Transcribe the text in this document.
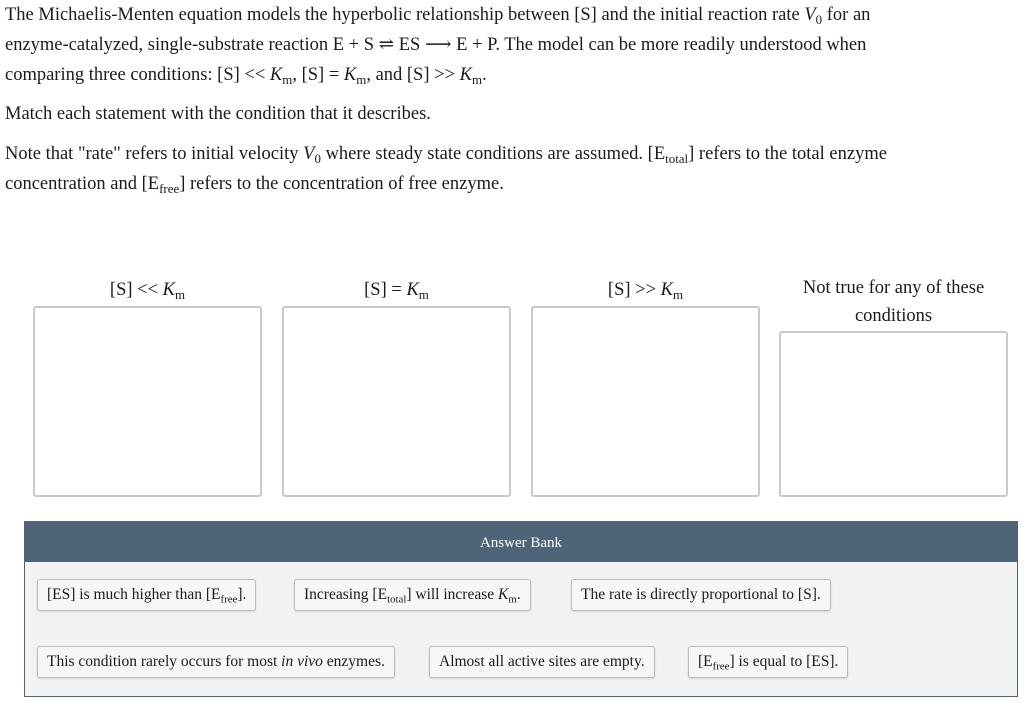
The Michaelis-Menten equation models the hyperbolic relationship between [S] and the initial reaction rate $V_0$ for an
enzyme-catalyzed, single-substrate reaction E + S ⇌ ES ⟶ E + P. The model can be more readily understood when
comparing three conditions: $[S] << K_m$, $[S] = K_m$, and $[S] >> K_m$.
Match each statement with the condition that it describes.
Note that "rate" refers to initial velocity $V_0$ where steady state conditions are assumed. $[E_{total}]$ refers to the total enzyme
concentration and $[E_{free}]$ refers to the concentration of free enzyme.
$[S] << K_m$	$[S] = K_m$	$[S] >> K_m$	Not true for any of these
conditions
Answer Bank
[ES] is much higher than $[E_{free}]$.	Increasing $[E_{total}]$ will increase $K_m$.	The rate is directly proportional to [S].
This condition rarely occurs for most in vivo enzymes.	Almost all active sites are empty.	$[E_{free}]$ is equal to [ES].
